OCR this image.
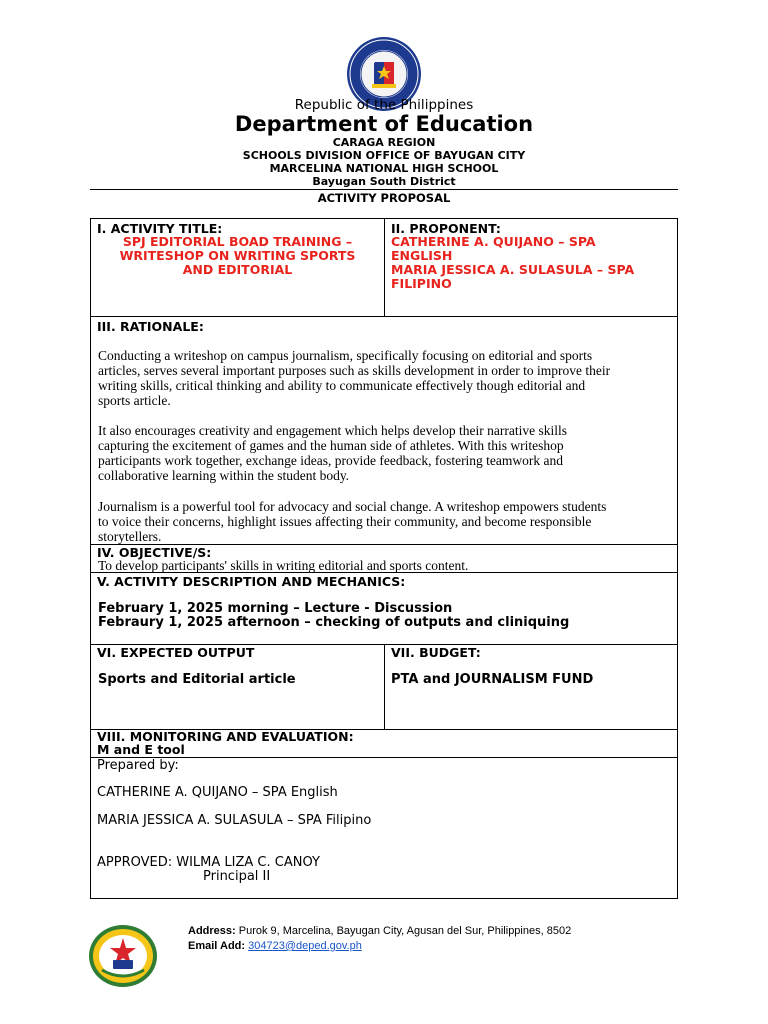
Republic of the Philippines
Department of Education
CARAGA REGION
SCHOOLS DIVISION OFFICE OF BAYUGAN CITY
MARCELINA NATIONAL HIGH SCHOOL
Bayugan South District
ACTIVITY PROPOSAL
I. ACTIVITY TITLE:
SPJ EDITORIAL BOAD TRAINING –
WRITESHOP ON WRITING SPORTS
AND EDITORIAL
II. PROPONENT:
CATHERINE A. QUIJANO – SPA
ENGLISH
MARIA JESSICA A. SULASULA – SPA
FILIPINO
III. RATIONALE:
Conducting a writeshop on campus journalism, specifically focusing on editorial and sports
articles, serves several important purposes such as skills development in order to improve their
writing skills, critical thinking and ability to communicate effectively though editorial and
sports article.
It also encourages creativity and engagement which helps develop their narrative skills
capturing the excitement of games and the human side of athletes. With this writeshop
participants work together, exchange ideas, provide feedback, fostering teamwork and
collaborative learning within the student body.
Journalism is a powerful tool for advocacy and social change. A writeshop empowers students
to voice their concerns, highlight issues affecting their community, and become responsible
storytellers.
IV. OBJECTIVE/S:
To develop participants' skills in writing editorial and sports content.
V. ACTIVITY DESCRIPTION AND MECHANICS:
February 1, 2025 morning – Lecture - Discussion
Febraury 1, 2025 afternoon – checking of outputs and cliniquing
VI. EXPECTED OUTPUT
Sports and Editorial article
VII. BUDGET:
PTA and JOURNALISM FUND
VIII. MONITORING AND EVALUATION:
M and E tool
Prepared by:
CATHERINE A. QUIJANO – SPA English
MARIA JESSICA A. SULASULA – SPA Filipino
APPROVED: WILMA LIZA C. CANOY
Principal II
Address: Purok 9, Marcelina, Bayugan City, Agusan del Sur, Philippines, 8502
Email Add: 304723@deped.gov.ph
